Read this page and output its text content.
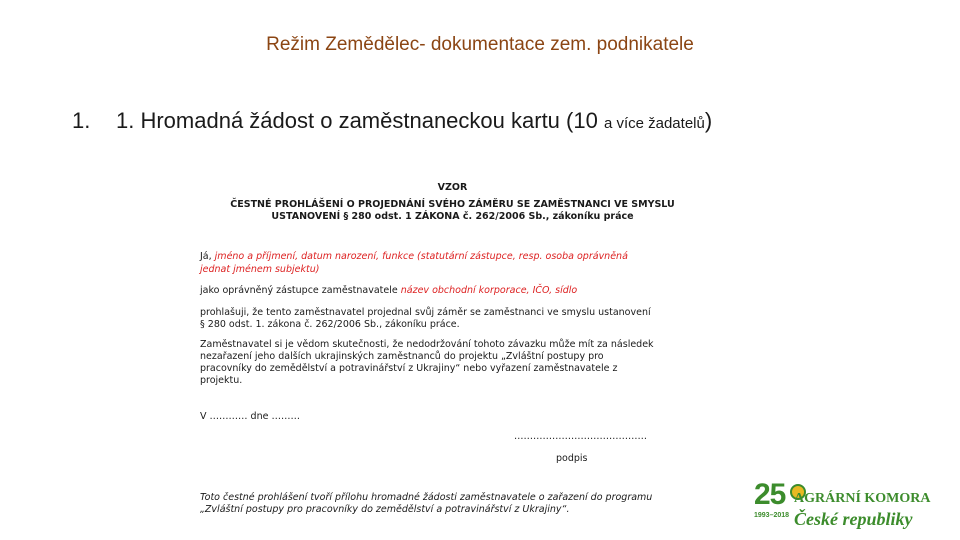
Režim Zemědělec- dokumentace zem. podnikatele
1. 1. Hromadná žádost o zaměstnaneckou kartu (10 a více žadatelů)
VZOR
ČESTNÉ PROHLÁŠENÍ O PROJEDNÁNÍ SVÉHO ZÁMĚRU SE ZAMĚSTNANCI VE SMYSLU
USTANOVENÍ § 280 odst. 1 ZÁKONA č. 262/2006 Sb., zákoníku práce
Já, jméno a příjmení, datum narození, funkce (statutární zástupce, resp. osoba oprávněná
jednat jménem subjektu)
jako oprávněný zástupce zaměstnavatele název obchodní korporace, IČO, sídlo
prohlašuji, že tento zaměstnavatel projednal svůj záměr se zaměstnanci ve smyslu ustanovení
§ 280 odst. 1. zákona č. 262/2006 Sb., zákoníku práce.
Zaměstnavatel si je vědom skutečnosti, že nedodržování tohoto závazku může mít za následek
nezařazení jeho dalších ukrajinských zaměstnanců do projektu „Zvláštní postupy pro
pracovníky do zemědělství a potravinářství z Ukrajiny“ nebo vyřazení zaměstnavatele z
projektu.
V ………… dne ………
……………………………………
podpis
Toto čestné prohlášení tvoří přílohu hromadné žádosti zaměstnavatele o zařazení do programu
„Zvláštní postupy pro pracovníky do zemědělství a potravinářství z Ukrajiny“.	25
1993–2018
AGRÁRNÍ KOMORA
České republiky
